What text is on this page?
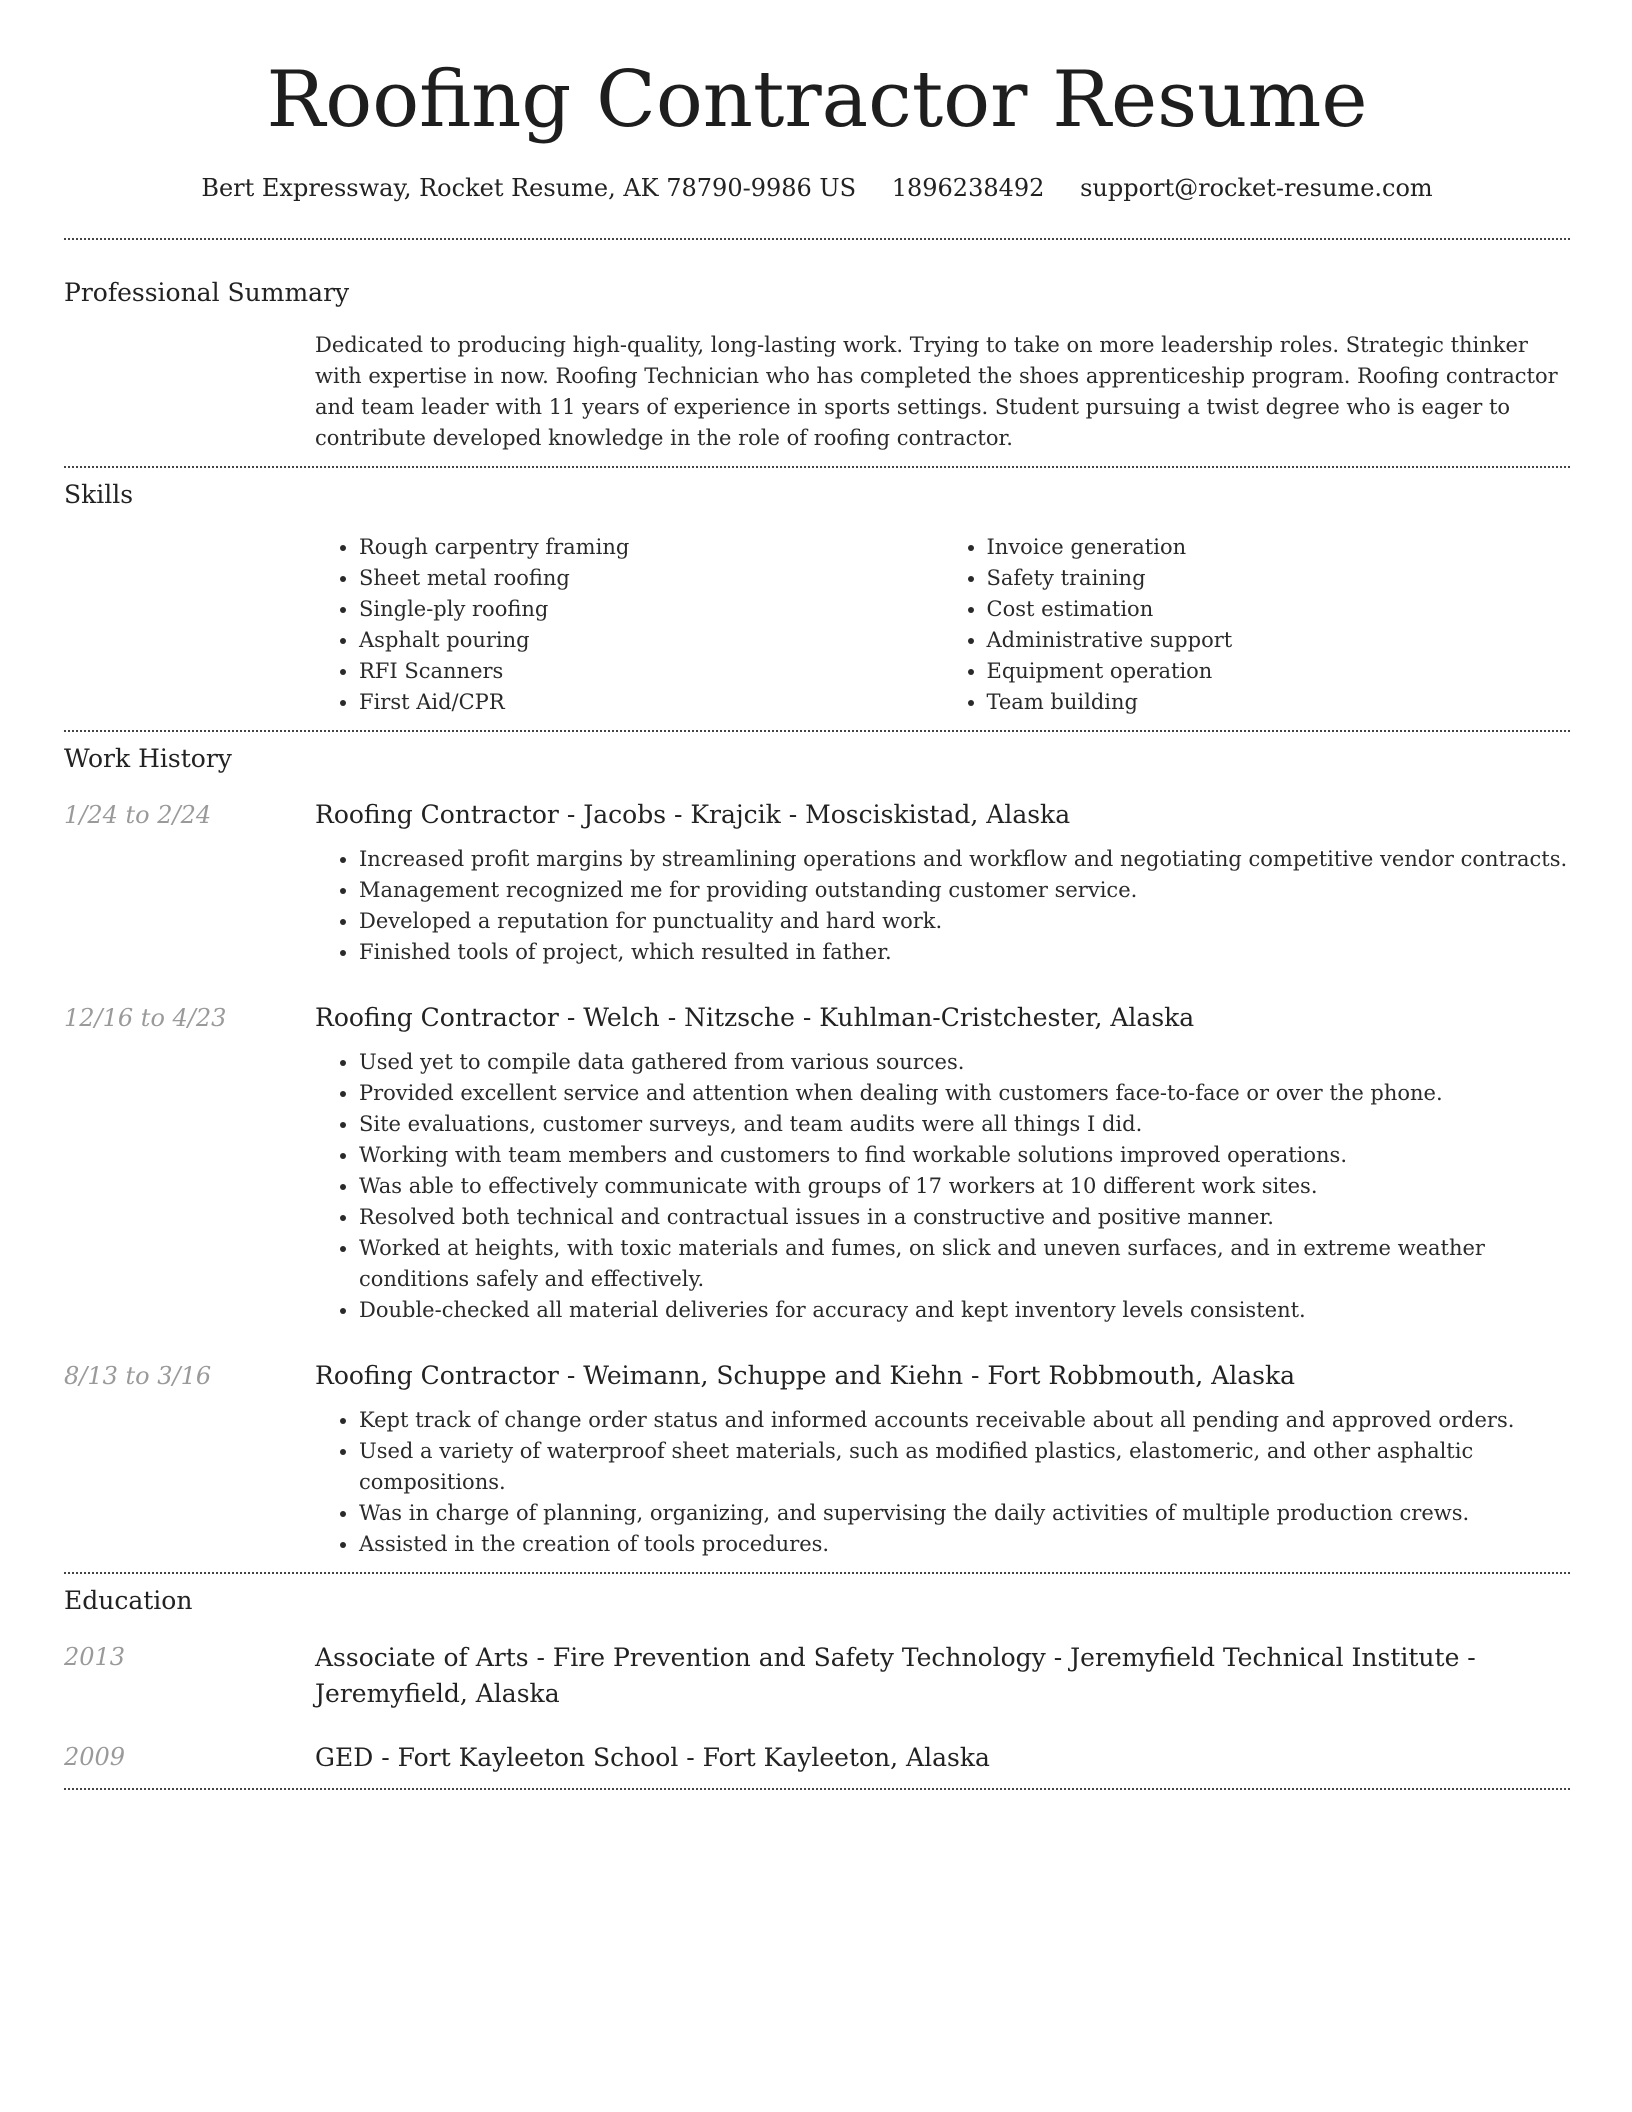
Roofing Contractor Resume
Bert Expressway, Rocket Resume, AK 78790-9986 US 1896238492 support@rocket-resume.com
Professional Summary
Dedicated to producing high-quality, long-lasting work. Trying to take on more leadership roles. Strategic thinker with expertise in now. Roofing Technician who has completed the shoes apprenticeship program. Roofing contractor and team leader with 11 years of experience in sports settings. Student pursuing a twist degree who is eager to contribute developed knowledge in the role of roofing contractor.
Skills
• Rough carpentry framing
• Sheet metal roofing
• Single-ply roofing
• Asphalt pouring
• RFI Scanners
• First Aid/CPR
• Invoice generation
• Safety training
• Cost estimation
• Administrative support
• Equipment operation
• Team building
Work History
1/24 to 2/24	Roofing Contractor - Jacobs - Krajcik - Mosciskistad, Alaska
• Increased profit margins by streamlining operations and workflow and negotiating competitive vendor contracts.
• Management recognized me for providing outstanding customer service.
• Developed a reputation for punctuality and hard work.
• Finished tools of project, which resulted in father.
12/16 to 4/23	Roofing Contractor - Welch - Nitzsche - Kuhlman-Cristchester, Alaska
• Used yet to compile data gathered from various sources.
• Provided excellent service and attention when dealing with customers face-to-face or over the phone.
• Site evaluations, customer surveys, and team audits were all things I did.
• Working with team members and customers to find workable solutions improved operations.
• Was able to effectively communicate with groups of 17 workers at 10 different work sites.
• Resolved both technical and contractual issues in a constructive and positive manner.
• Worked at heights, with toxic materials and fumes, on slick and uneven surfaces, and in extreme weather conditions safely and effectively.
• Double-checked all material deliveries for accuracy and kept inventory levels consistent.
8/13 to 3/16	Roofing Contractor - Weimann, Schuppe and Kiehn - Fort Robbmouth, Alaska
• Kept track of change order status and informed accounts receivable about all pending and approved orders.
• Used a variety of waterproof sheet materials, such as modified plastics, elastomeric, and other asphaltic compositions.
• Was in charge of planning, organizing, and supervising the daily activities of multiple production crews.
• Assisted in the creation of tools procedures.
Education
2013	Associate of Arts - Fire Prevention and Safety Technology - Jeremyfield Technical Institute - Jeremyfield, Alaska
2009	GED - Fort Kayleeton School - Fort Kayleeton, Alaska
